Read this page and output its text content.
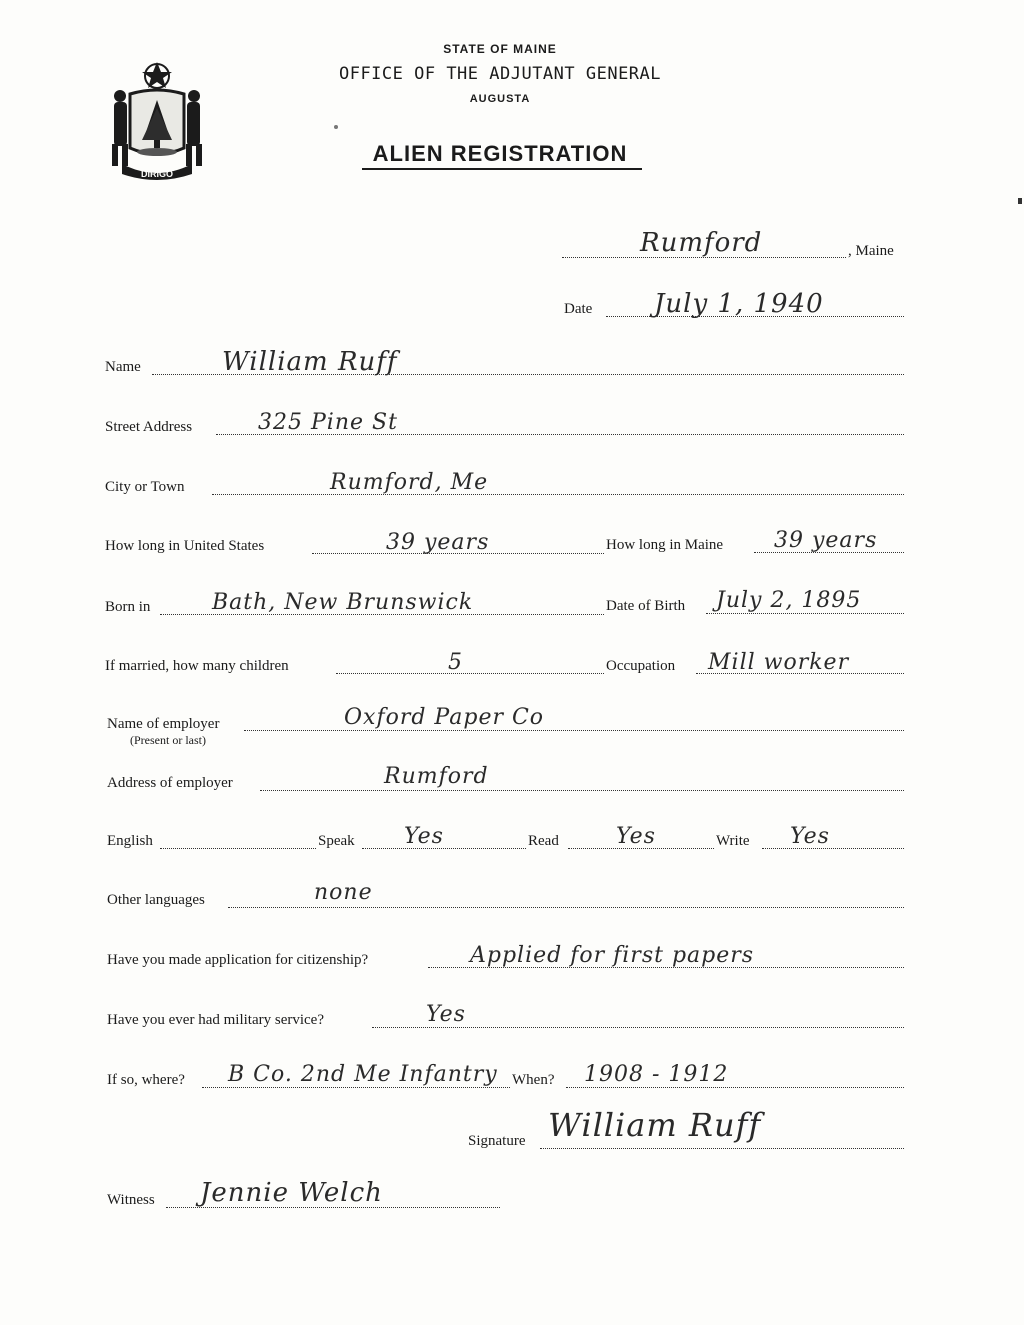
DIRIGO
STATE OF MAINE
OFFICE OF THE ADJUTANT GENERAL
AUGUSTA
ALIEN REGISTRATION
Rumford	, Maine
Date July 1, 1940
Name	William Ruff
Street Address	325 Pine St
City or Town	Rumford, Me
How long in United States	39 years	How long in Maine 39 years
Born in	Bath, New Brunswick	Date of Birth July 2, 1895
If married, how many children	5	Occupation Mill worker
Name of employer
(Present or last)
Oxford Paper Co
Address of employer	Rumford
English	Speak Yes	Read	Yes	Write Yes
Other languages	none
Have you made application for citizenship?	Applied for first papers
Have you ever had military service?	Yes
If so, where? B Co. 2nd Me Infantry When? 1908 - 1912
Signature William Ruff
Witness Jennie Welch
